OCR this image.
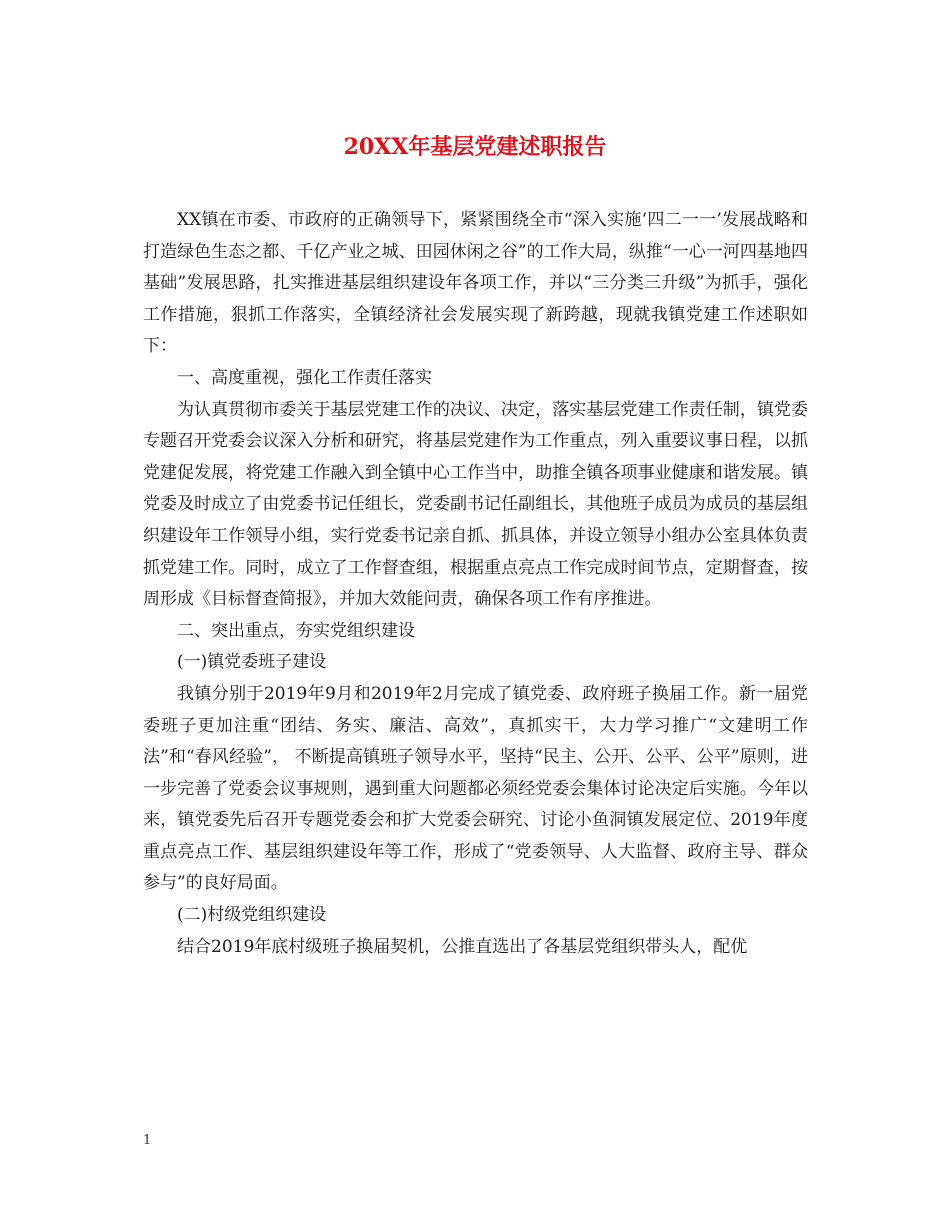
20XX年基层党建述职报告

XX镇在市委、市政府的正确领导下，紧紧围绕全市“深入实施‘四二一一’发展战略和打造绿色生态之都、千亿产业之城、田园休闲之谷”的工作大局，纵推“一心一河四基地四基础”发展思路，扎实推进基层组织建设年各项工作，并以“三分类三升级”为抓手，强化工作措施，狠抓工作落实，全镇经济社会发展实现了新跨越，现就我镇党建工作述职如下：

一、高度重视，强化工作责任落实

为认真贯彻市委关于基层党建工作的决议、决定，落实基层党建工作责任制，镇党委专题召开党委会议深入分析和研究，将基层党建作为工作重点，列入重要议事日程，以抓党建促发展，将党建工作融入到全镇中心工作当中，助推全镇各项事业健康和谐发展。镇党委及时成立了由党委书记任组长，党委副书记任副组长，其他班子成员为成员的基层组织建设年工作领导小组，实行党委书记亲自抓、抓具体，并设立领导小组办公室具体负责抓党建工作。同时，成立了工作督查组，根据重点亮点工作完成时间节点，定期督查，按周形成《目标督查简报》，并加大效能问责，确保各项工作有序推进。

二、突出重点，夯实党组织建设

(一)镇党委班子建设

我镇分别于2019年9月和2019年2月完成了镇党委、政府班子换届工作。新一届党委班子更加注重“团结、务实、廉洁、高效”，真抓实干，大力学习推广“文建明工作法”和“春风经验”， 不断提高镇班子领导水平，坚持“民主、公开、公平、公平”原则，进一步完善了党委会议事规则，遇到重大问题都必须经党委会集体讨论决定后实施。今年以来，镇党委先后召开专题党委会和扩大党委会研究、讨论小鱼洞镇发展定位、2019年度重点亮点工作、基层组织建设年等工作，形成了“党委领导、人大监督、政府主导、群众参与”的良好局面。

(二)村级党组织建设

结合2019年底村级班子换届契机，公推直选出了各基层党组织带头人，配优

1
